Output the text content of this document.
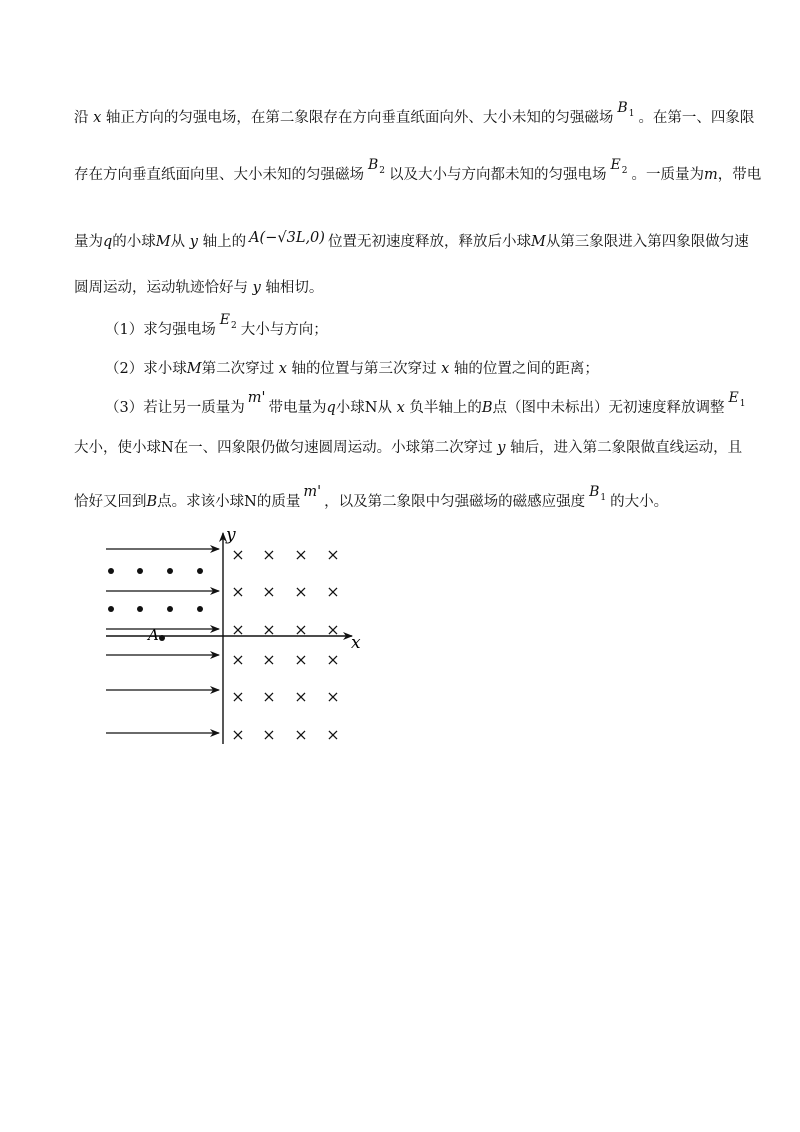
沿 x 轴正方向的匀强电场，在第二象限存在方向垂直纸面向外、大小未知的匀强磁场$B_1$ 。在第一、四象限
存在方向垂直纸面向里、大小未知的匀强磁场$B_2$ 以及大小与方向都未知的匀强电场$E_2$ 。一质量为m，带电
量为q的小球M从 y 轴上的 A(−√3L,0) 位置无初速度释放，释放后小球M从第三象限进入第四象限做匀速
圆周运动，运动轨迹恰好与 y 轴相切。
（1）求匀强电场$E_2$ 大小与方向；
（2）求小球M第二次穿过 x 轴的位置与第三次穿过 x 轴的位置之间的距离；
（3）若让另一质量为m'带电量为q小球N从 x 负半轴上的B点（图中未标出）无初速度释放调整$E_1$
大小，使小球N在一、四象限仍做匀速圆周运动。小球第二次穿过 y 轴后，进入第二象限做直线运动，且
恰好又回到B点。求该小球N的质量m'，以及第二象限中匀强磁场的磁感应强度$B_1$ 的大小。
y
x
A
× × × ×
× × × ×
× × × ×
× × × ×
× × × ×
× × × ×
